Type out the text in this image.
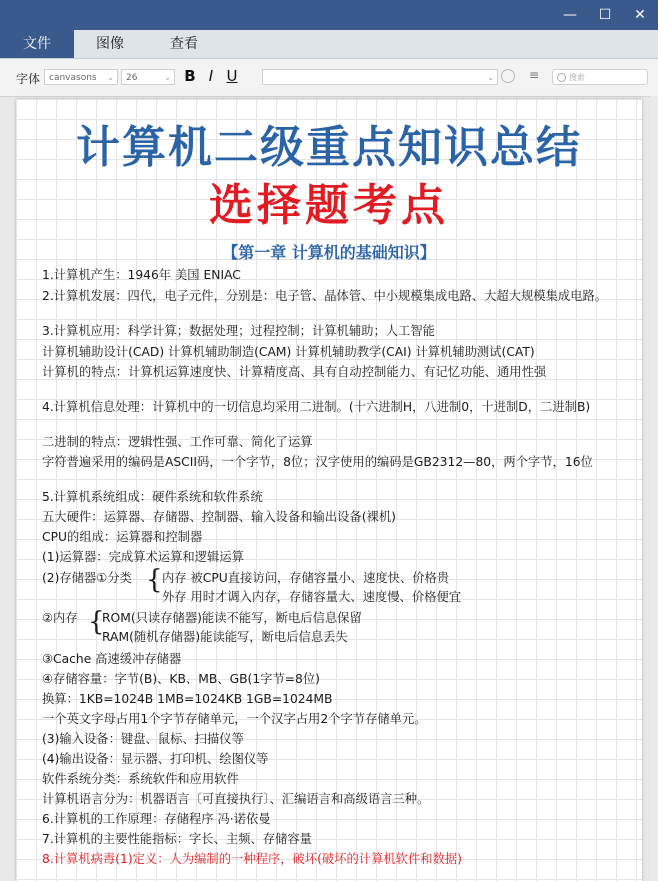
—	☐	✕
文件	图像	查看
字体 canvasons ⌄	26	⌄ B I U	⌄	≡	搜索
计算机二级重点知识总结
选择题考点
【第一章 计算机的基础知识】
1.计算机产生：1946年 美国 ENIAC
2.计算机发展：四代，电子元件，分别是：电子管、晶体管、中小规模集成电路、大超大规模集成电路。
3.计算机应用：科学计算；数据处理；过程控制；计算机辅助；人工智能
计算机辅助设计(CAD) 计算机辅助制造(CAM) 计算机辅助教学(CAI) 计算机辅助测试(CAT)
计算机的特点：计算机运算速度快、计算精度高、具有自动控制能力、有记忆功能、通用性强
4.计算机信息处理：计算机中的一切信息均采用二进制。(十六进制H，八进制0，十进制D，二进制B)
二进制的特点：逻辑性强、工作可靠、简化了运算
字符普遍采用的编码是ASCII码，一个字节，8位；汉字使用的编码是GB2312—80，两个字节，16位
5.计算机系统组成：硬件系统和软件系统
五大硬件：运算器、存储器、控制器、输入设备和输出设备(裸机)
CPU的组成：运算器和控制器
(1)运算器：完成算术运算和逻辑运算
(2)存储器①分类 { 内存 被CPU直接访问，存储容量小、速度快、价格贵
外存 用时才调入内存，存储容量大、速度慢、价格便宜
②内存 {
ROM(只读存储器)能读不能写，断电后信息保留
RAM(随机存储器)能读能写，断电后信息丢失
③Cache 高速缓冲存储器
④存储容量：字节(B)、KB、MB、GB(1字节=8位)
换算：1KB=1024B 1MB=1024KB 1GB=1024MB
一个英文字母占用1个字节存储单元，一个汉字占用2个字节存储单元。
(3)输入设备：键盘、鼠标、扫描仪等
(4)输出设备：显示器、打印机、绘图仪等
软件系统分类：系统软件和应用软件
计算机语言分为：机器语言〔可直接执行〕、汇编语言和高级语言三种。
6.计算机的工作原理：存储程序 冯·诺依曼
7.计算机的主要性能指标：字长、主频、存储容量
8.计算机病毒(1)定义：人为编制的一种程序，破坏(破坏的计算机软件和数据)
